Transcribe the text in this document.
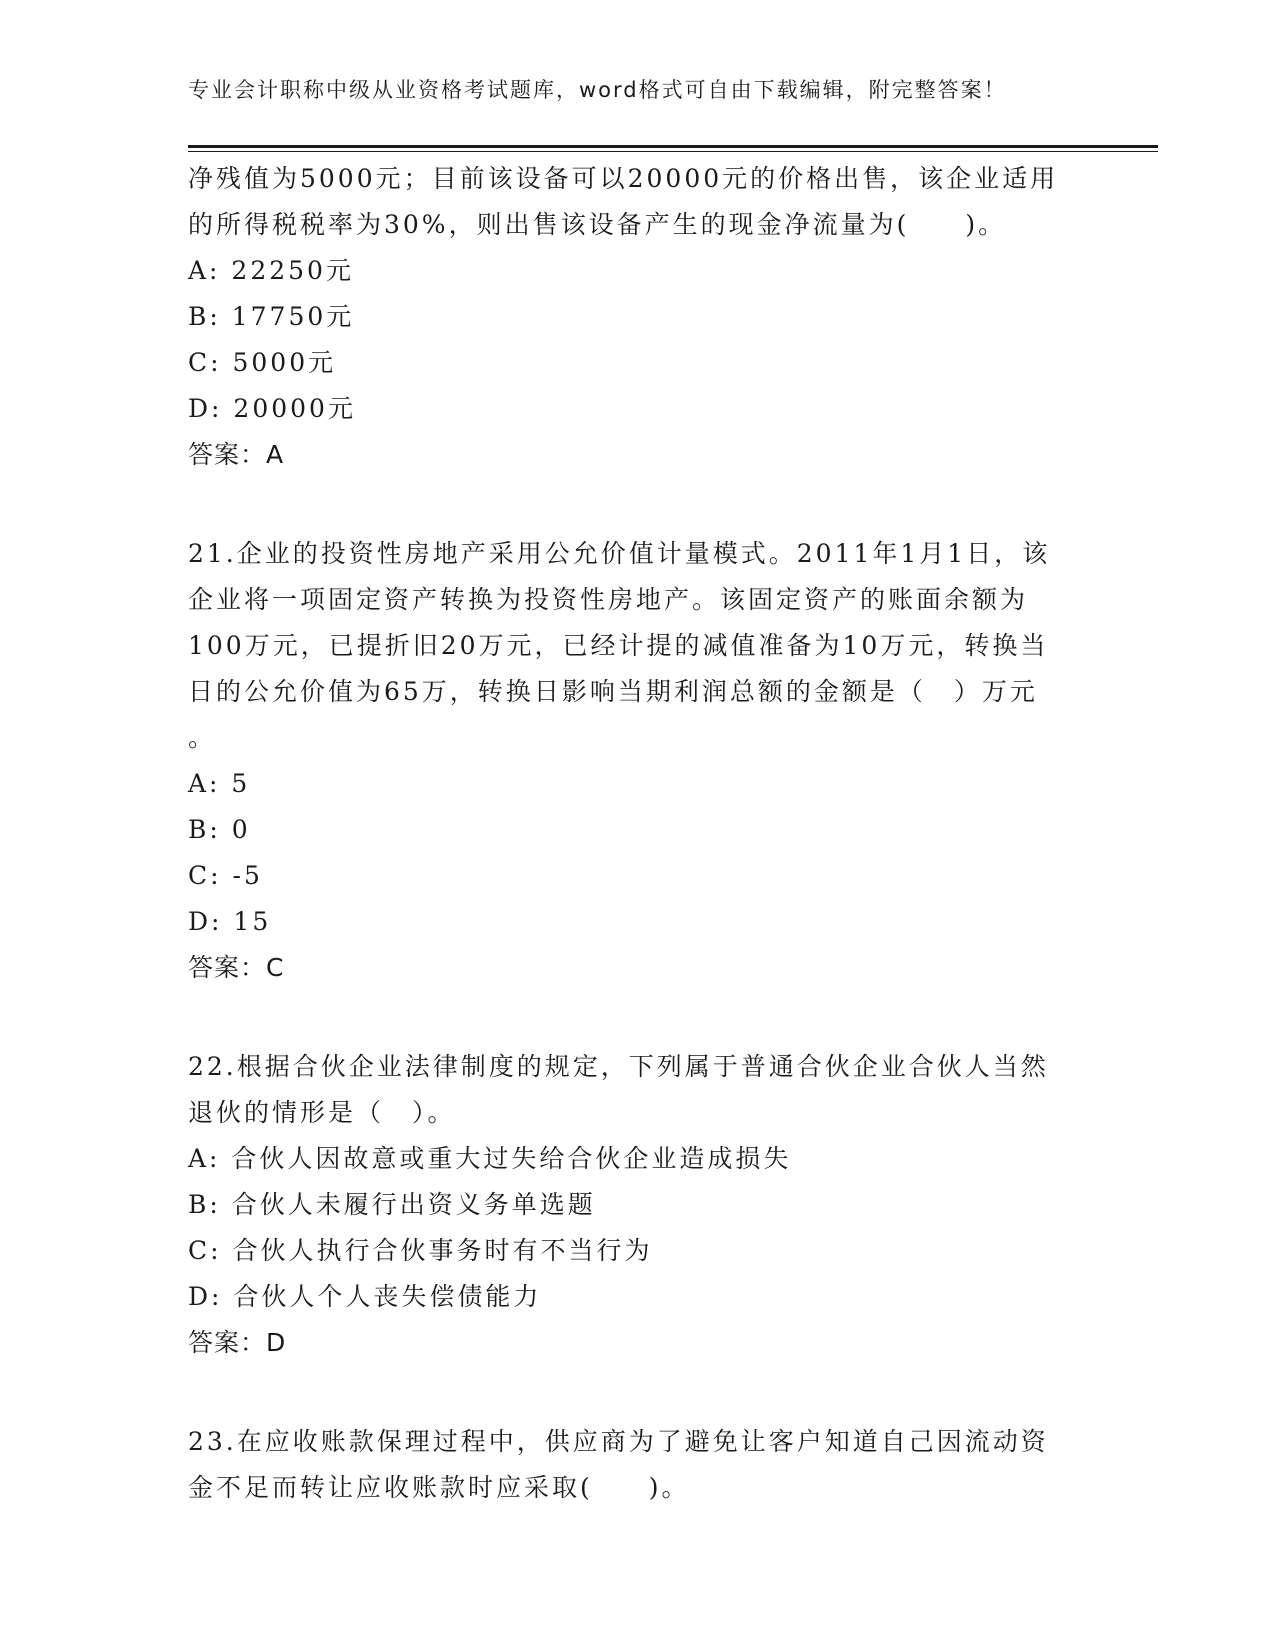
专业会计职称中级从业资格考试题库，word格式可自由下载编辑，附完整答案！
净残值为5000元；目前该设备可以20000元的价格出售，该企业适用
的所得税税率为30%，则出售该设备产生的现金净流量为(　　)。
A: 22250元
B: 17750元
C: 5000元
D: 20000元
答案：A
21.企业的投资性房地产采用公允价值计量模式。2011年1月1日，该
企业将一项固定资产转换为投资性房地产。该固定资产的账面余额为
100万元，已提折旧20万元，已经计提的减值准备为10万元，转换当
日的公允价值为65万，转换日影响当期利润总额的金额是（　）万元
。
A: 5
B: 0
C: -5
D: 15
答案：C
22.根据合伙企业法律制度的规定，下列属于普通合伙企业合伙人当然
退伙的情形是（　）。
A: 合伙人因故意或重大过失给合伙企业造成损失
B: 合伙人未履行出资义务单选题
C: 合伙人执行合伙事务时有不当行为
D: 合伙人个人丧失偿债能力
答案：D
23.在应收账款保理过程中，供应商为了避免让客户知道自己因流动资
金不足而转让应收账款时应采取(　　)。
